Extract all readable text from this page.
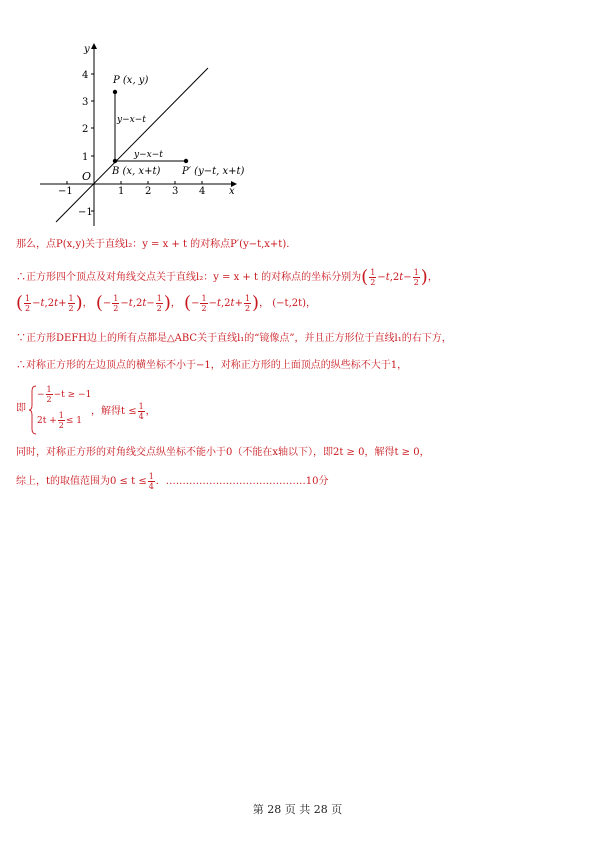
y
x
O
4
3
2
1
−1
−1	1 2 3 4
P (x, y)
B (x, x+t) P′ (y−t, x+t)
y−x−t
y−x−t
那么，点P(x,y)关于直线l₂：y = x + t 的对称点P′(y−t,x+t)．
∴正方形四个顶点及对角线交点关于直线l₂：y = x + t 的对称点的坐标分别为( $\frac{1}{2} -t,2t- \frac{1}{2}$ )，
( $\frac{1}{2} -t,2t+ \frac{1}{2}$ )， (− $\frac{1}{2} -t,2t- \frac{1}{2}$ )， (− $\frac{1}{2} -t,2t+ \frac{1}{2}$ )， (−t,2t)，
∵正方形DEFH边上的所有点都是△ABC关于直线l₁的“镜像点”，并且正方形位于直线l₁的右下方，
∴对称正方形的左边顶点的横坐标不小于−1，对称正方形的上面顶点的纵些标不大于1，
即
− $\frac{1}{2} -t \ge -1$
$2t + \frac{1}{2} \le 1$
，解得$t \le \frac{1}{4}$ ，
同时，对称正方形的对角线交点纵坐标不能小于0（不能在x轴以下），即2t ≥ 0，解得t ≥ 0，
综上，t的取值范围为$0 \le t \le \frac{1}{4}$ ．……………………………………10分
第 28 页 共 28 页
